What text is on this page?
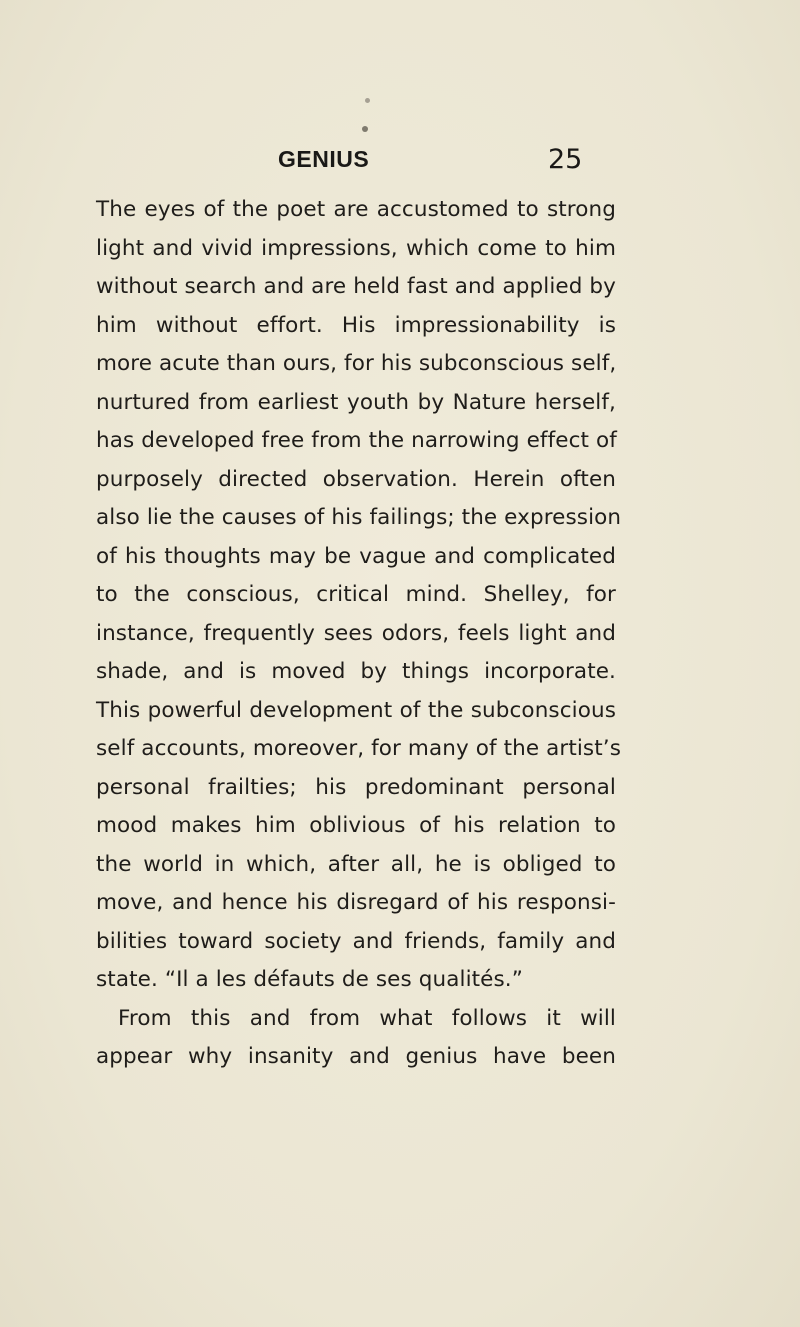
GENIUS	25
The eyes of the poet are accustomed to strong
light and vivid impressions, which come to him
without search and are held fast and applied by
him without effort. His impressionability is
more acute than ours, for his subconscious self,
nurtured from earliest youth by Nature herself,
has developed free from the narrowing effect of
purposely directed observation. Herein often
also lie the causes of his failings; the expression
of his thoughts may be vague and complicated
to the conscious, critical mind. Shelley, for
instance, frequently sees odors, feels light and
shade, and is moved by things incorporate.
This powerful development of the subconscious
self accounts, moreover, for many of the artist’s
personal frailties; his predominant personal
mood makes him oblivious of his relation to
the world in which, after all, he is obliged to
move, and hence his disregard of his responsi-
bilities toward society and friends, family and
state. “Il a les défauts de ses qualités.”
From this and from what follows it will
appear why insanity and genius have been
